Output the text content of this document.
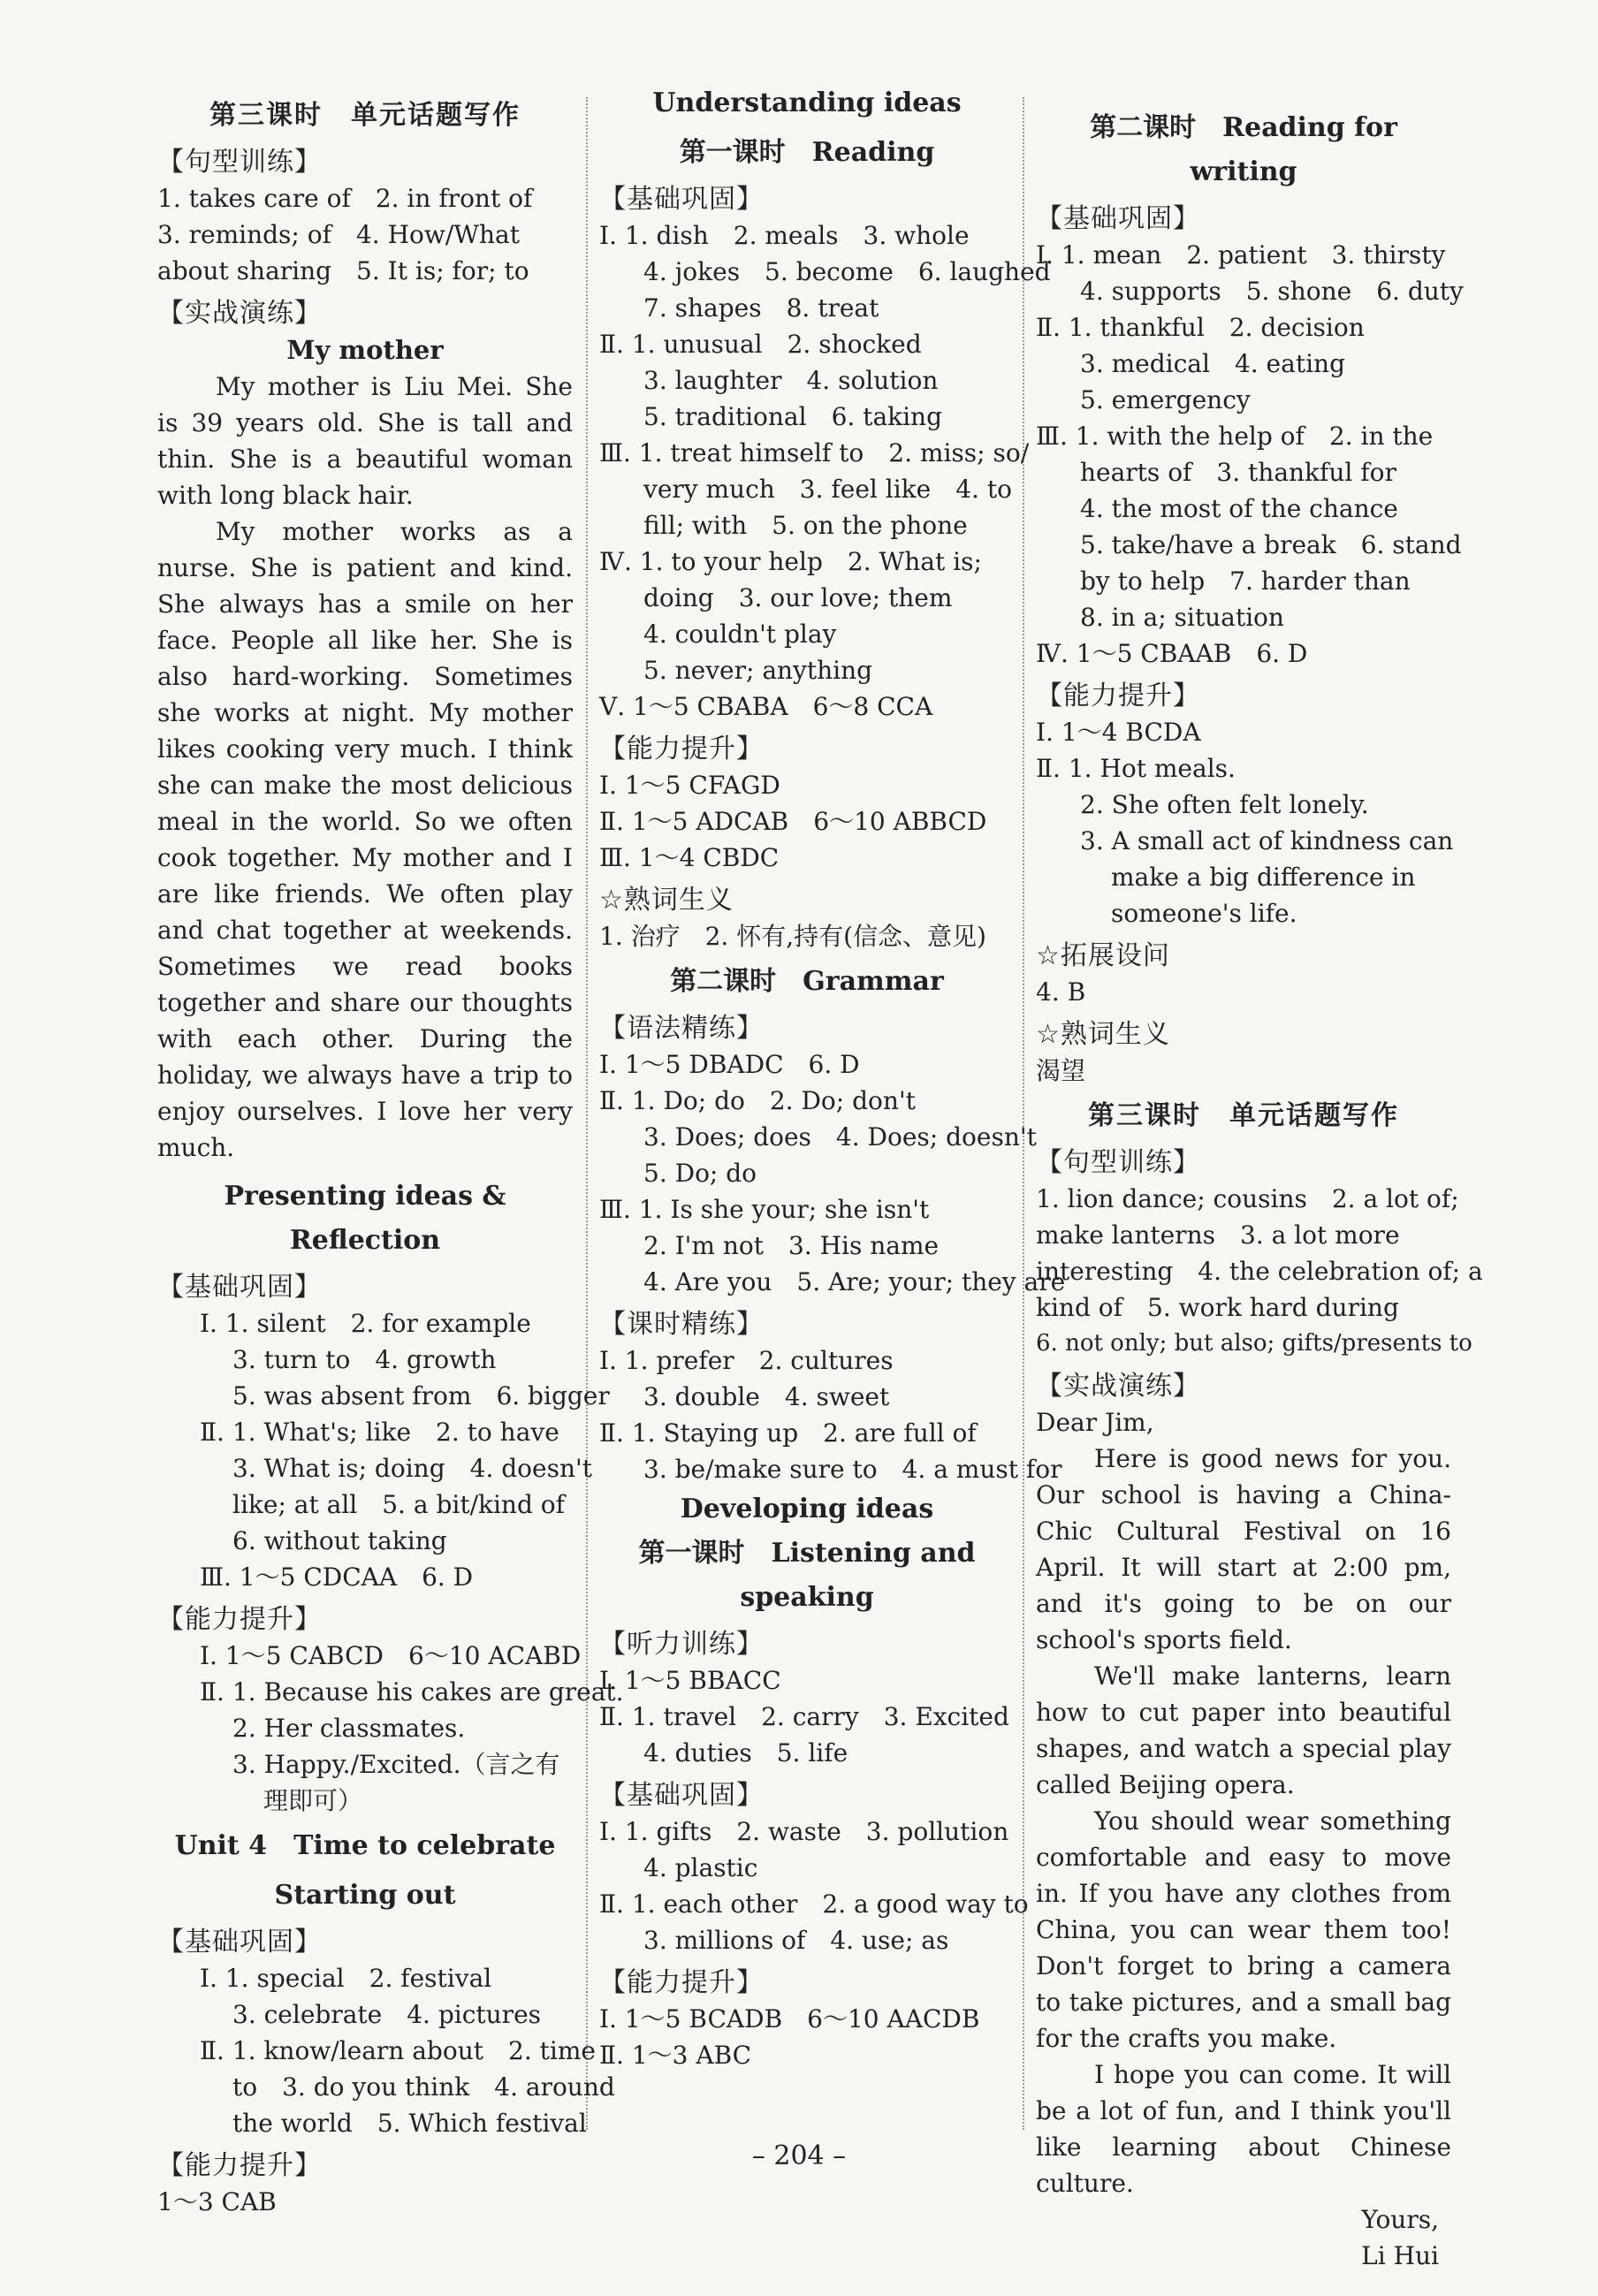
第三课时　单元话题写作
【句型训练】
1. takes care of　2. in front of
3. reminds; of　4. How/What
about sharing　5. It is; for; to
【实战演练】
My mother
My mother is Liu Mei. She is 39 years old. She is tall and thin. She is a beautiful woman with long black hair.
My mother works as a nurse. She is patient and kind. She always has a smile on her face. People all like her. She is also hard-working. Sometimes she works at night. My mother likes cooking very much. I think she can make the most delicious meal in the world. So we often cook together. My mother and I are like friends. We often play and chat together at weekends. Sometimes we read books together and share our thoughts with each other. During the holiday, we always have a trip to enjoy ourselves. I love her very much.
Presenting ideas & Reflection
【基础巩固】
Ⅰ. 1. silent　2. for example
3. turn to　4. growth
5. was absent from　6. bigger
Ⅱ. 1. What's; like　2. to have
3. What is; doing　4. doesn't
like; at all　5. a bit/kind of
6. without taking
Ⅲ. 1～5 CDCAA　6. D
【能力提升】
Ⅰ. 1～5 CABCD　6～10 ACABD
Ⅱ. 1. Because his cakes are great.
2. Her classmates.
3. Happy./Excited.（言之有
理即可）
Unit 4　Time to celebrate
Starting out
【基础巩固】
Ⅰ. 1. special　2. festival
3. celebrate　4. pictures
Ⅱ. 1. know/learn about　2. time
to　3. do you think　4. around
the world　5. Which festival
【能力提升】
1～3 CAB
Understanding ideas
第一课时　Reading
【基础巩固】
Ⅰ. 1. dish　2. meals　3. whole
4. jokes　5. become　6. laughed
7. shapes　8. treat
Ⅱ. 1. unusual　2. shocked
3. laughter　4. solution
5. traditional　6. taking
Ⅲ. 1. treat himself to　2. miss; so/
very much　3. feel like　4. to
fill; with　5. on the phone
Ⅳ. 1. to your help　2. What is;
doing　3. our love; them
4. couldn't play
5. never; anything
Ⅴ. 1～5 CBABA　6～8 CCA
【能力提升】
Ⅰ. 1～5 CFAGD
Ⅱ. 1～5 ADCAB　6～10 ABBCD
Ⅲ. 1～4 CBDC
☆熟词生义
1. 治疗　2. 怀有,持有(信念、意见)
第二课时　Grammar
【语法精练】
Ⅰ. 1～5 DBADC　6. D
Ⅱ. 1. Do; do　2. Do; don't
3. Does; does　4. Does; doesn't
5. Do; do
Ⅲ. 1. Is she your; she isn't
2. I'm not　3. His name
4. Are you　5. Are; your; they are
【课时精练】
Ⅰ. 1. prefer　2. cultures
3. double　4. sweet
Ⅱ. 1. Staying up　2. are full of
3. be/make sure to　4. a must for
Developing ideas
第一课时　Listening and speaking
【听力训练】
Ⅰ. 1～5 BBACC
Ⅱ. 1. travel　2. carry　3. Excited
4. duties　5. life
【基础巩固】
Ⅰ. 1. gifts　2. waste　3. pollution
4. plastic
Ⅱ. 1. each other　2. a good way to
3. millions of　4. use; as
【能力提升】
Ⅰ. 1～5 BCADB　6～10 AACDB
Ⅱ. 1～3 ABC
第二课时　Reading for writing
【基础巩固】
Ⅰ. 1. mean　2. patient　3. thirsty
4. supports　5. shone　6. duty
Ⅱ. 1. thankful　2. decision
3. medical　4. eating
5. emergency
Ⅲ. 1. with the help of　2. in the
hearts of　3. thankful for
4. the most of the chance
5. take/have a break　6. stand
by to help　7. harder than
8. in a; situation
Ⅳ. 1～5 CBAAB　6. D
【能力提升】
Ⅰ. 1～4 BCDA
Ⅱ. 1. Hot meals.
2. She often felt lonely.
3. A small act of kindness can
make a big difference in
someone's life.
☆拓展设问
4. B
☆熟词生义
渴望
第三课时　单元话题写作
【句型训练】
1. lion dance; cousins　2. a lot of;
make lanterns　3. a lot more
interesting　4. the celebration of; a
kind of　5. work hard during
6. not only; but also; gifts/presents to
【实战演练】
Dear Jim,
Here is good news for you. Our school is having a China-Chic Cultural Festival on 16 April. It will start at 2:00 pm, and it's going to be on our school's sports field.
We'll make lanterns, learn how to cut paper into beautiful shapes, and watch a special play called Beijing opera.
You should wear something comfortable and easy to move in. If you have any clothes from China, you can wear them too! Don't forget to bring a camera to take pictures, and a small bag for the crafts you make.
I hope you can come. It will be a lot of fun, and I think you'll like learning about Chinese culture.
Yours,
Li Hui
– 204 –
